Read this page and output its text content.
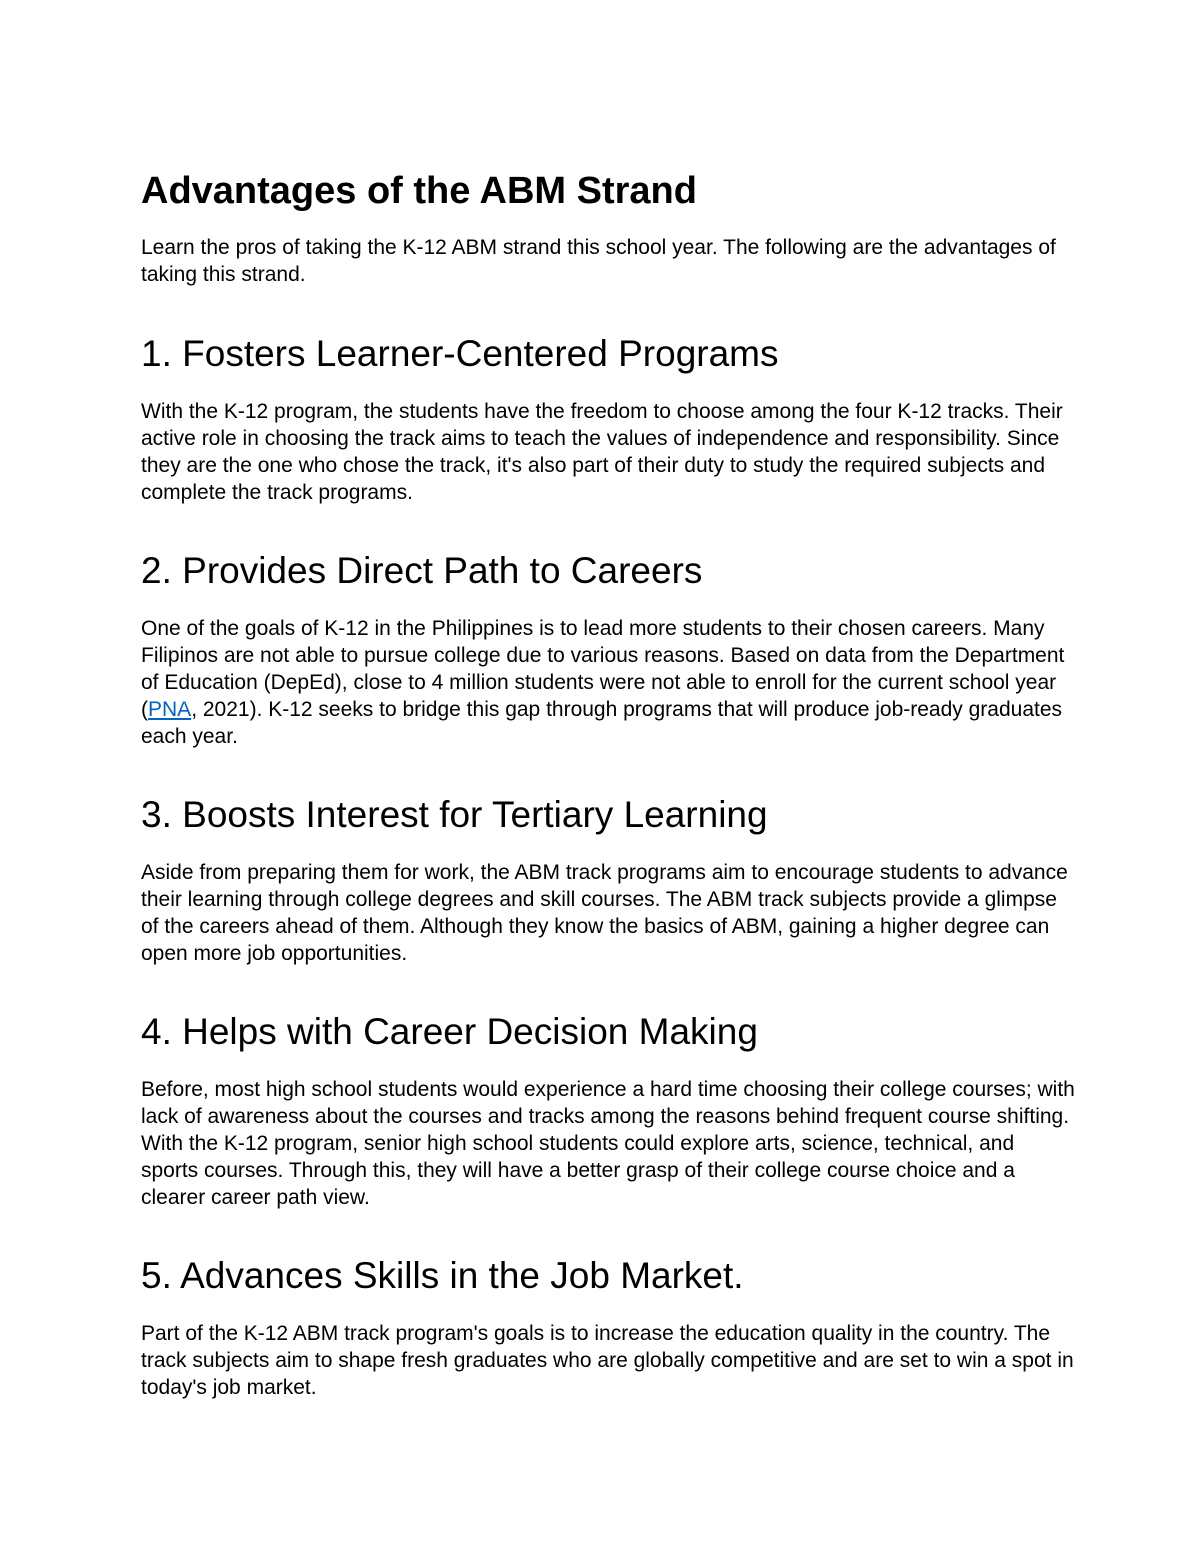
Advantages of the ABM Strand

Learn the pros of taking the K-12 ABM strand this school year. The following are the advantages of taking this strand.

1. Fosters Learner-Centered Programs

With the K-12 program, the students have the freedom to choose among the four K-12 tracks. Their active role in choosing the track aims to teach the values of independence and responsibility. Since they are the one who chose the track, it's also part of their duty to study the required subjects and complete the track programs.

2. Provides Direct Path to Careers

One of the goals of K-12 in the Philippines is to lead more students to their chosen careers. Many Filipinos are not able to pursue college due to various reasons. Based on data from the Department of Education (DepEd), close to 4 million students were not able to enroll for the current school year (PNA, 2021). K-12 seeks to bridge this gap through programs that will produce job-ready graduates each year.

3. Boosts Interest for Tertiary Learning

Aside from preparing them for work, the ABM track programs aim to encourage students to advance their learning through college degrees and skill courses. The ABM track subjects provide a glimpse of the careers ahead of them. Although they know the basics of ABM, gaining a higher degree can open more job opportunities.

4. Helps with Career Decision Making

Before, most high school students would experience a hard time choosing their college courses; with lack of awareness about the courses and tracks among the reasons behind frequent course shifting. With the K-12 program, senior high school students could explore arts, science, technical, and sports courses. Through this, they will have a better grasp of their college course choice and a clearer career path view.

5. Advances Skills in the Job Market.

Part of the K-12 ABM track program's goals is to increase the education quality in the country. The track subjects aim to shape fresh graduates who are globally competitive and are set to win a spot in today's job market.
